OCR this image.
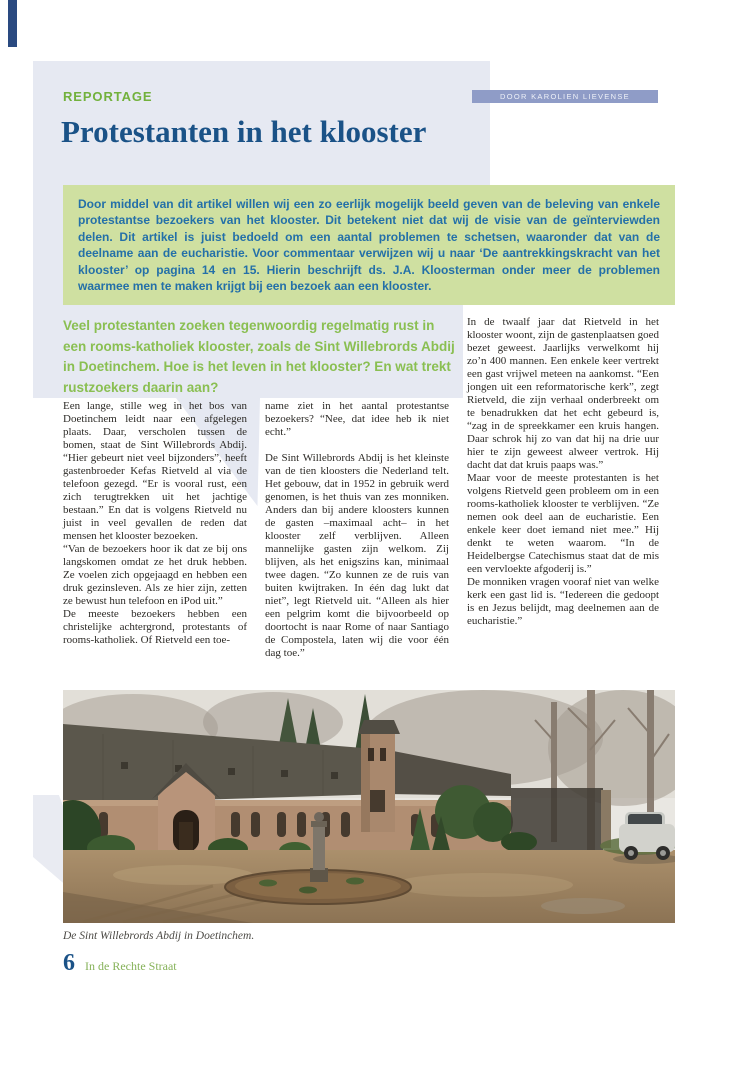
REPORTAGE	DOOR KAROLIEN LIEVENSE
Protestanten in het klooster

Door middel van dit artikel willen wij een zo eerlijk mogelijk beeld geven van de beleving van enkele protestantse bezoekers van het klooster. Dit betekent niet dat wij de visie van de geïnterviewden delen. Dit artikel is juist bedoeld om een aantal problemen te schetsen, waaronder dat van de deelname aan de eucharistie. Voor commentaar verwijzen wij u naar ‘De aantrekkingskracht van het klooster’ op pagina 14 en 15. Hierin beschrijft ds. J.A. Kloosterman onder meer de problemen waarmee men te maken krijgt bij een bezoek aan een klooster.

Veel protestanten zoeken tegenwoordig regelmatig rust in een rooms-katholiek klooster, zoals de Sint Willebrords Abdij in Doetinchem. Hoe is het leven in het klooster? En wat trekt rustzoekers daarin aan?

Een lange, stille weg in het bos van Doetinchem leidt naar een afgelegen plaats. Daar, verscholen tussen de bomen, staat de Sint Willebrords Abdij. “Hier gebeurt niet veel bijzonders”, heeft gastenbroeder Kefas Rietveld al via de telefoon gezegd. “Er is vooral rust, een zich terugtrekken uit het jachtige bestaan.” En dat is volgens Rietveld nu juist in veel gevallen de reden dat mensen het klooster bezoeken.

“Van de bezoekers hoor ik dat ze bij ons langskomen omdat ze het druk hebben. Ze voelen zich opgejaagd en hebben een druk gezinsleven. Als ze hier zijn, zetten ze bewust hun telefoon en iPod uit.”

De meeste bezoekers hebben een christelijke achtergrond, protestants of rooms-katholiek. Of Rietveld een toe-

name ziet in het aantal protestantse bezoekers? “Nee, dat idee heb ik niet echt.”

De Sint Willebrords Abdij is het kleinste van de tien kloosters die Nederland telt. Het gebouw, dat in 1952 in gebruik werd genomen, is het thuis van zes monniken. Anders dan bij andere kloosters kunnen de gasten –maximaal acht– in het klooster zelf verblijven. Alleen mannelijke gasten zijn welkom. Zij blijven, als het enigszins kan, minimaal twee dagen. “Zo kunnen ze de ruis van buiten kwijtraken. In één dag lukt dat niet”, legt Rietveld uit. “Alleen als hier een pelgrim komt die bijvoorbeeld op doortocht is naar Rome of naar Santiago de Compostela, laten wij die voor één dag toe.”

In de twaalf jaar dat Rietveld in het klooster woont, zijn de gastenplaatsen goed bezet geweest. Jaarlijks verwelkomt hij zo’n 400 mannen. Een enkele keer vertrekt een gast vrijwel meteen na aankomst. “Een jongen uit een reformatorische kerk”, zegt Rietveld, die zijn verhaal onderbreekt om te benadrukken dat het echt gebeurd is, “zag in de spreekkamer een kruis hangen. Daar schrok hij zo van dat hij na drie uur hier te zijn geweest alweer vertrok. Hij dacht dat dat kruis paaps was.”

Maar voor de meeste protestanten is het volgens Rietveld geen probleem om in een rooms-katholiek klooster te verblijven. “Ze nemen ook deel aan de eucharistie. Een enkele keer doet iemand niet mee.” Hij denkt te weten waarom. “In de Heidelbergse Catechismus staat dat de mis een vervloekte afgoderij is.”

De monniken vragen vooraf niet van welke kerk een gast lid is. “Iedereen die gedoopt is en Jezus belijdt, mag deelnemen aan de eucharistie.”

De Sint Willebrords Abdij in Doetinchem.
6 In de Rechte Straat
